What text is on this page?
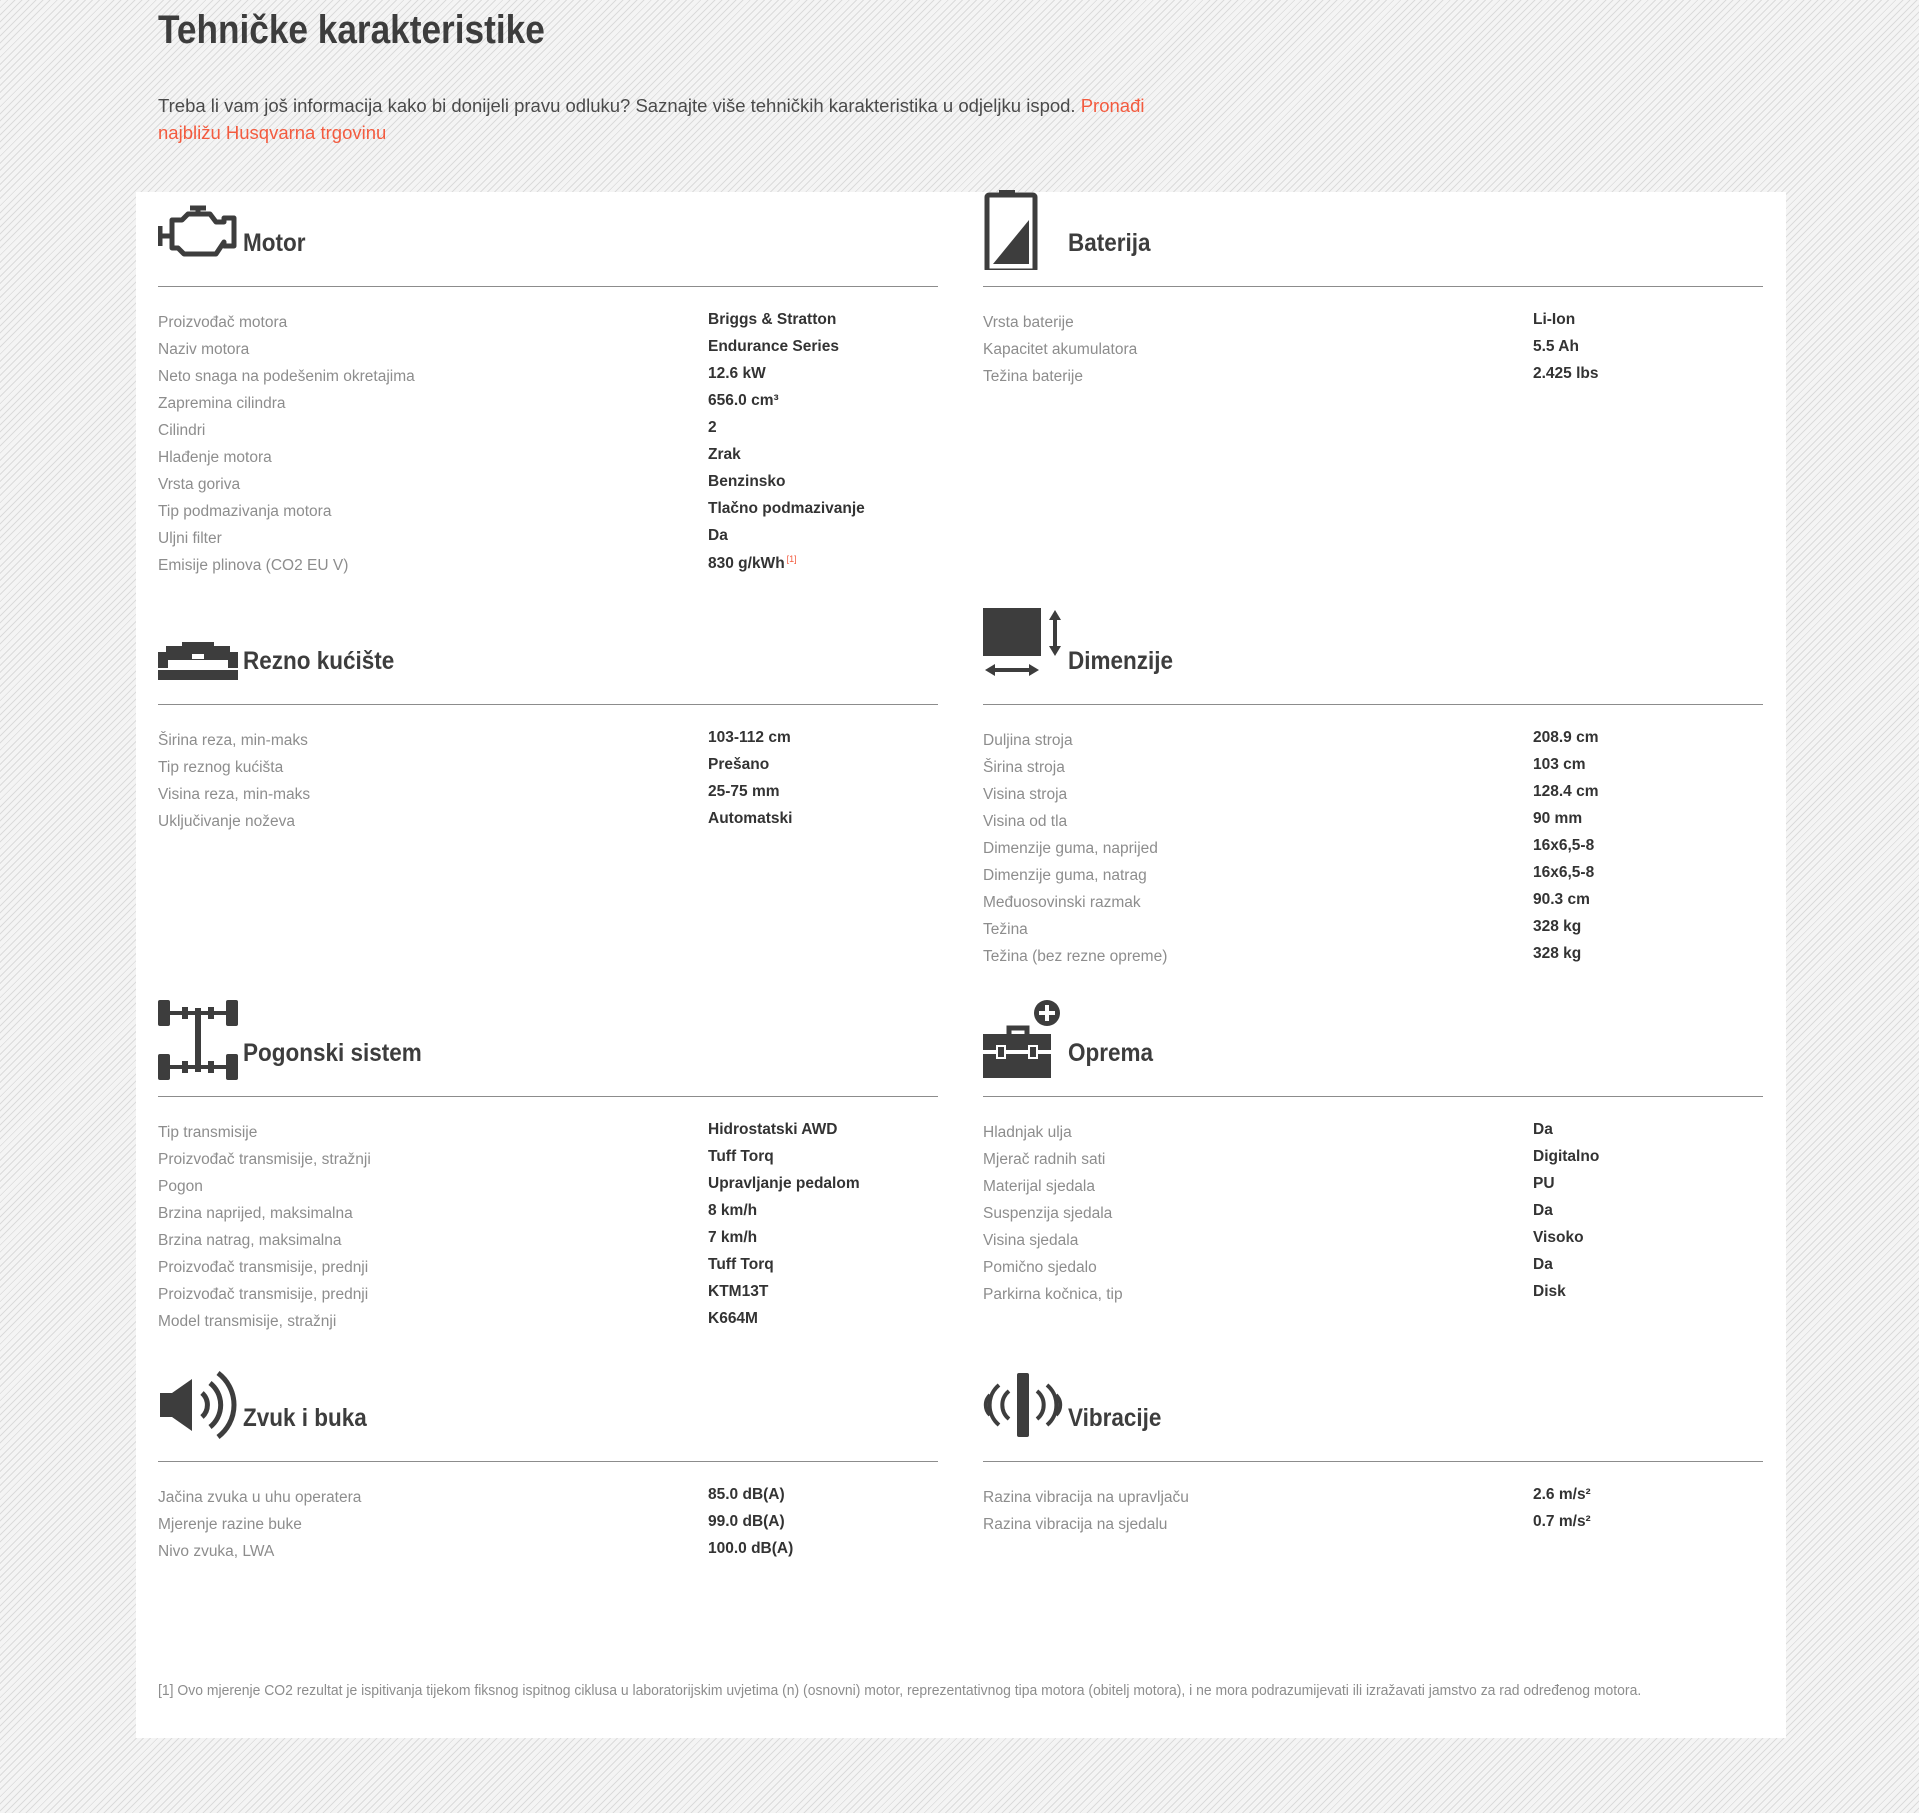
Tehničke karakteristike

Treba li vam još informacija kako bi donijeli pravu odluku? Saznajte više tehničkih karakteristika u odjeljku ispod. Pronađi najbližu Husqvarna trgovinu

Motor
Proizvođač motora	Briggs & Stratton
Naziv motora	Endurance Series
Neto snaga na podešenim okretajima	12.6 kW
Zapremina cilindra	656.0 cm³
Cilindri	2
Hlađenje motora	Zrak
Vrsta goriva	Benzinsko
Tip podmazivanja motora	Tlačno podmazivanje
Uljni filter	Da
Emisije plinova (CO2 EU V)	830 g/kWh [1]
Baterija
Vrsta baterije	Li-Ion
Kapacitet akumulatora	5.5 Ah
Težina baterije	2.425 lbs
Rezno kućište
Širina reza, min-maks	103-112 cm
Tip reznog kućišta	Prešano
Visina reza, min-maks	25-75 mm
Uključivanje noževa	Automatski
Dimenzije
Duljina stroja	208.9 cm
Širina stroja	103 cm
Visina stroja	128.4 cm
Visina od tla	90 mm
Dimenzije guma, naprijed	16x6,5-8
Dimenzije guma, natrag	16x6,5-8
Međuosovinski razmak	90.3 cm
Težina	328 kg
Težina (bez rezne opreme)	328 kg
Pogonski sistem
Tip transmisije	Hidrostatski AWD
Proizvođač transmisije, stražnji	Tuff Torq
Pogon	Upravljanje pedalom
Brzina naprijed, maksimalna	8 km/h
Brzina natrag, maksimalna	7 km/h
Proizvođač transmisije, prednji	Tuff Torq
Proizvođač transmisije, prednji	KTM13T
Model transmisije, stražnji	K664M
Oprema
Hladnjak ulja	Da
Mjerač radnih sati	Digitalno
Materijal sjedala	PU
Suspenzija sjedala	Da
Visina sjedala	Visoko
Pomično sjedalo	Da
Parkirna kočnica, tip	Disk
Zvuk i buka
Jačina zvuka u uhu operatera	85.0 dB(A)
Mjerenje razine buke	99.0 dB(A)
Nivo zvuka, LWA	100.0 dB(A)
Vibracije
Razina vibracija na upravljaču	2.6 m/s²
Razina vibracija na sjedalu	0.7 m/s²
[1] Ovo mjerenje CO2 rezultat je ispitivanja tijekom fiksnog ispitnog ciklusa u laboratorijskim uvjetima (n) (osnovni) motor, reprezentativnog tipa motora (obitelj motora), i ne mora podrazumijevati ili izražavati jamstvo za rad određenog motora.
